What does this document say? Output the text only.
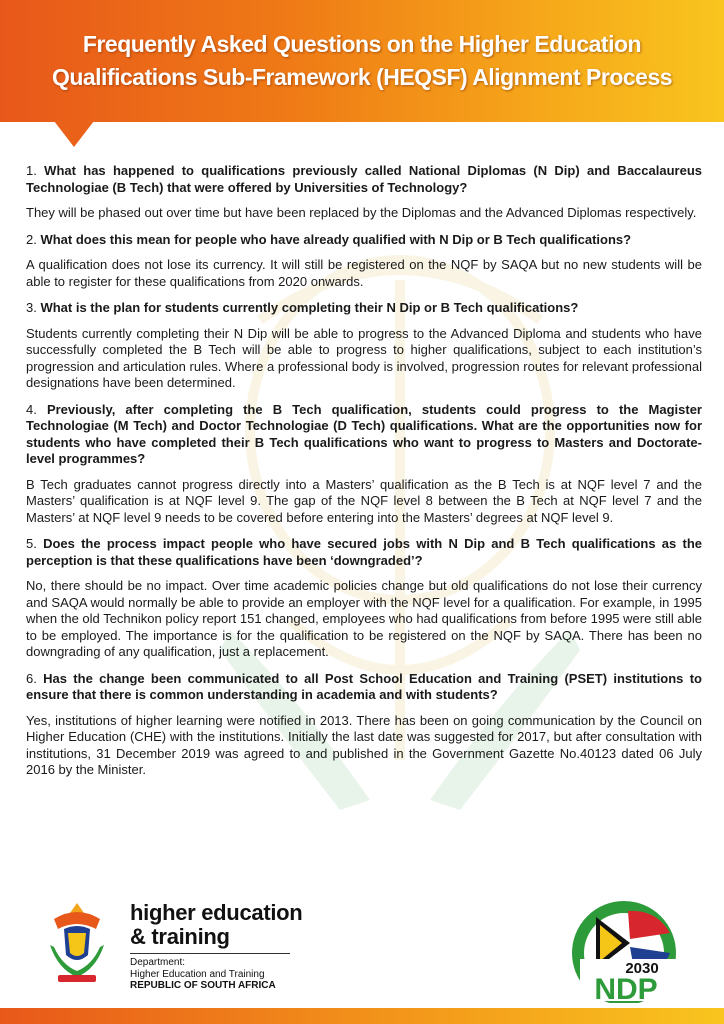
Frequently Asked Questions on the Higher Education
Qualifications Sub-Framework (HEQSF) Alignment Process

1. What has happened to qualifications previously called National Diplomas (N Dip) and Baccalaureus Technologiae (B Tech) that were offered by Universities of Technology?

They will be phased out over time but have been replaced by the Diplomas and the Advanced Diplomas respectively.

2. What does this mean for people who have already qualified with N Dip or B Tech qualifications?

A qualification does not lose its currency. It will still be registered on the NQF by SAQA but no new students will be able to register for these qualifications from 2020 onwards.

3. What is the plan for students currently completing their N Dip or B Tech qualifications?

Students currently completing their N Dip will be able to progress to the Advanced Diploma and students who have successfully completed the B Tech will be able to progress to higher qualifications, subject to each institution’s progression and articulation rules. Where a professional body is involved, progression routes for relevant professional designations have been determined.

4. Previously, after completing the B Tech qualification, students could progress to the Magister Technologiae (M Tech) and Doctor Technologiae (D Tech) qualifications. What are the opportunities now for students who have completed their B Tech qualifications who want to progress to Masters and Doctorate-level programmes?

B Tech graduates cannot progress directly into a Masters’ qualification as the B Tech is at NQF level 7 and the Masters’ qualification is at NQF level 9. The gap of the NQF level 8 between the B Tech at NQF level 7 and the Masters’ at NQF level 9 needs to be covered before entering into the Masters’ degrees at NQF level 9.

5. Does the process impact people who have secured jobs with N Dip and B Tech qualifications as the perception is that these qualifications have been ‘downgraded’?

No, there should be no impact. Over time academic policies change but old qualifications do not lose their currency and SAQA would normally be able to provide an employer with the NQF level for a qualification. For example, in 1995 when the old Technikon policy report 151 changed, employees who had qualifications from before 1995 were still able to be employed. The importance is for the qualification to be registered on the NQF by SAQA. There has been no downgrading of any qualification, just a replacement.

6. Has the change been communicated to all Post School Education and Training (PSET) institutions to ensure that there is common understanding in academia and with students?

Yes, institutions of higher learning were notified in 2013. There has been on going communication by the Council on Higher Education (CHE) with the institutions. Initially the last date was suggested for 2017, but after consultation with institutions, 31 December 2019 was agreed to and published in the Government Gazette No.40123 dated 06 July 2016 by the Minister.

higher education
& training
Department:
Higher Education and Training
REPUBLIC OF SOUTH AFRICA
2030
NDP
